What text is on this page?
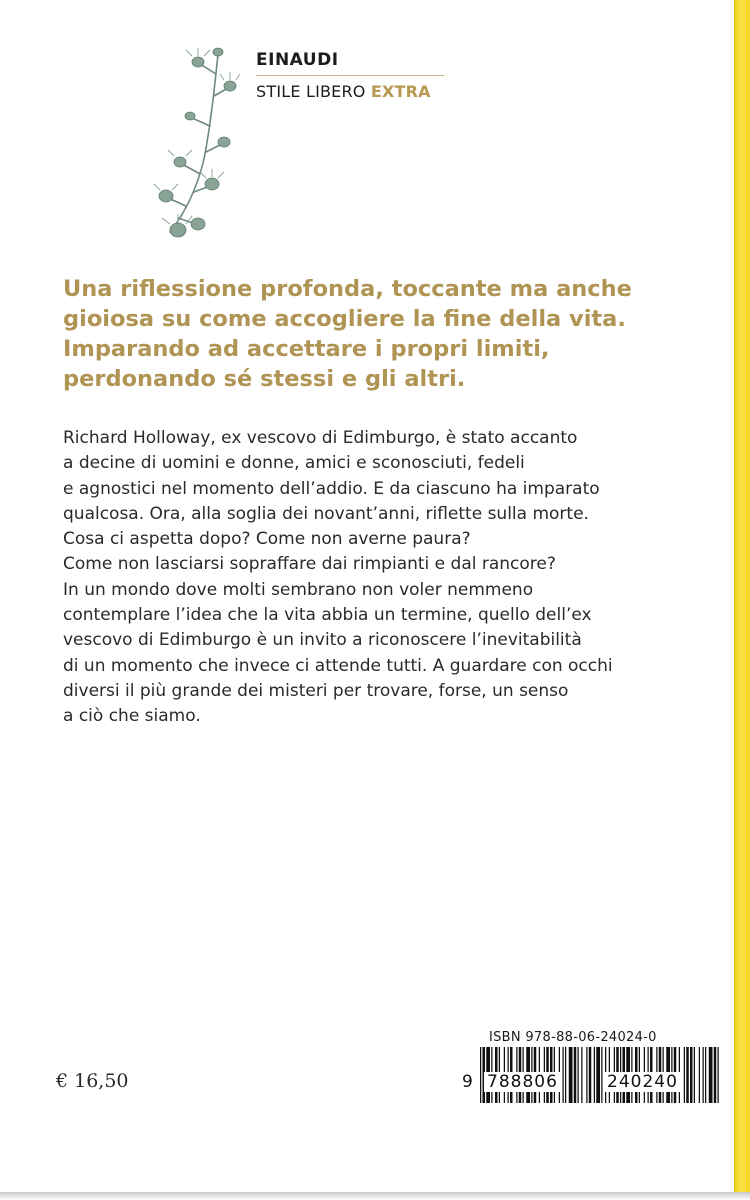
EINAUDI
STILE LIBERO EXTRA
Una riflessione profonda, toccante ma anche
gioiosa su come accogliere la fine della vita.
Imparando ad accettare i propri limiti,
perdonando sé stessi e gli altri.
Richard Holloway, ex vescovo di Edimburgo, è stato accanto
a decine di uomini e donne, amici e sconosciuti, fedeli
e agnostici nel momento dell’addio. E da ciascuno ha imparato
qualcosa. Ora, alla soglia dei novant’anni, riflette sulla morte.
Cosa ci aspetta dopo? Come non averne paura?
Come non lasciarsi sopraffare dai rimpianti e dal rancore?
In un mondo dove molti sembrano non voler nemmeno
contemplare l’idea che la vita abbia un termine, quello dell’ex
vescovo di Edimburgo è un invito a riconoscere l’inevitabilità
di un momento che invece ci attende tutti. A guardare con occhi
diversi il più grande dei misteri per trovare, forse, un senso
a ciò che siamo.
€ 16,50
ISBN 978-88-06-24024-0
9 788806	240240
